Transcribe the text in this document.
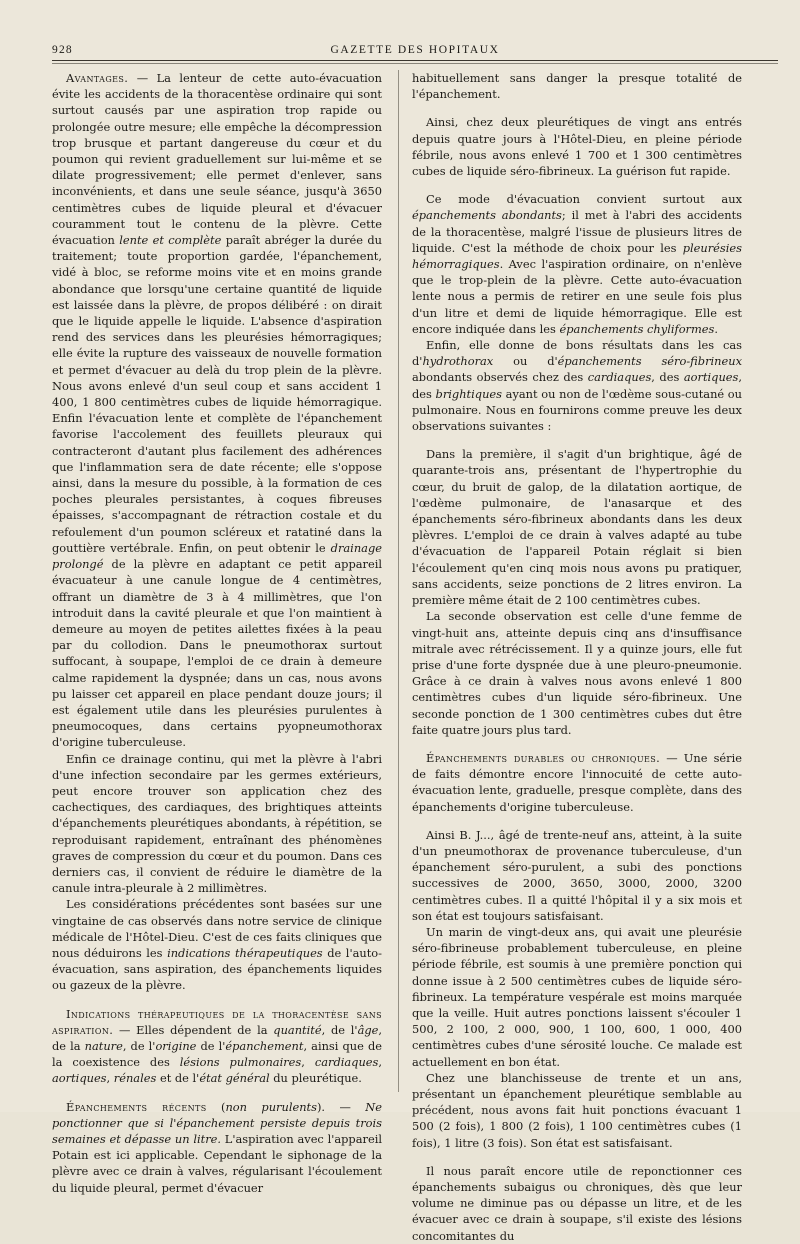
928	GAZETTE DES HOPITAUX

Avantages. — La lenteur de cette auto-évacuation évite les accidents de la thoracentèse ordinaire qui sont surtout causés par une aspiration trop rapide ou prolongée outre mesure; elle empêche la décompression trop brusque et partant dangereuse du cœur et du poumon qui revient graduellement sur lui-même et se dilate progressivement; elle permet d'enlever, sans inconvénients, et dans une seule séance, jusqu'à 3650 centimètres cubes de liquide pleural et d'évacuer couramment tout le contenu de la plèvre. Cette évacuation lente et complète paraît abréger la durée du traitement; toute proportion gardée, l'épanchement, vidé à bloc, se reforme moins vite et en moins grande abondance que lorsqu'une certaine quantité de liquide est laissée dans la plèvre, de propos délibéré : on dirait que le liquide appelle le liquide. L'absence d'aspiration rend des services dans les pleurésies hémorragiques; elle évite la rupture des vaisseaux de nouvelle formation et permet d'évacuer au delà du trop plein de la plèvre. Nous avons enlevé d'un seul coup et sans accident 1 400, 1 800 centimètres cubes de liquide hémorragique. Enfin l'évacuation lente et complète de l'épanchement favorise l'accolement des feuillets pleuraux qui contracteront d'autant plus facilement des adhérences que l'inflammation sera de date récente; elle s'oppose ainsi, dans la mesure du possible, à la formation de ces poches pleurales persistantes, à coques fibreuses épaisses, s'accompagnant de rétraction costale et du refoulement d'un poumon scléreux et ratatiné dans la gouttière vertébrale. Enfin, on peut obtenir le drainage prolongé de la plèvre en adaptant ce petit appareil évacuateur à une canule longue de 4 centimètres, offrant un diamètre de 3 à 4 millimètres, que l'on introduit dans la cavité pleurale et que l'on maintient à demeure au moyen de petites ailettes fixées à la peau par du collodion. Dans le pneumothorax surtout suffocant, à soupape, l'emploi de ce drain à demeure calme rapidement la dyspnée; dans un cas, nous avons pu laisser cet appareil en place pendant douze jours; il est également utile dans les pleurésies purulentes à pneumocoques, dans certains pyopneumothorax d'origine tuberculeuse.

Enfin ce drainage continu, qui met la plèvre à l'abri d'une infection secondaire par les germes extérieurs, peut encore trouver son application chez des cachectiques, des cardiaques, des brightiques atteints d'épanchements pleurétiques abondants, à répétition, se reproduisant rapidement, entraînant des phénomènes graves de compression du cœur et du poumon. Dans ces derniers cas, il convient de réduire le diamètre de la canule intra-pleurale à 2 millimètres.

Les considérations précédentes sont basées sur une vingtaine de cas observés dans notre service de clinique médicale de l'Hôtel-Dieu. C'est de ces faits cliniques que nous déduirons les indications thérapeutiques de l'auto-évacuation, sans aspiration, des épanchements liquides ou gazeux de la plèvre.

Indications thérapeutiques de la thoracentèse sans aspiration. — Elles dépendent de la quantité, de l'âge, de la nature, de l'origine de l'épanchement, ainsi que de la coexistence des lésions pulmonaires, cardiaques, aortiques, rénales et de l'état général du pleurétique.

Épanchements récents (non purulents). — Ne ponctionner que si l'épanchement persiste depuis trois semaines et dépasse un litre. L'aspiration avec l'appareil Potain est ici applicable. Cependant le siphonage de la plèvre avec ce drain à valves, régularisant l'écoulement du liquide pleural, permet d'évacuer

habituellement sans danger la presque totalité de l'épanchement.

Ainsi, chez deux pleurétiques de vingt ans entrés depuis quatre jours à l'Hôtel-Dieu, en pleine période fébrile, nous avons enlevé 1 700 et 1 300 centimètres cubes de liquide séro-fibrineux. La guérison fut rapide.

Ce mode d'évacuation convient surtout aux épanchements abondants; il met à l'abri des accidents de la thoracentèse, malgré l'issue de plusieurs litres de liquide. C'est la méthode de choix pour les pleurésies hémorragiques. Avec l'aspiration ordinaire, on n'enlève que le trop-plein de la plèvre. Cette auto-évacuation lente nous a permis de retirer en une seule fois plus d'un litre et demi de liquide hémorragique. Elle est encore indiquée dans les épanchements chyliformes.

Enfin, elle donne de bons résultats dans les cas d'hydrothorax ou d'épanchements séro-fibrineux abondants observés chez des cardiaques, des aortiques, des brightiques ayant ou non de l'œdème sous-cutané ou pulmonaire. Nous en fournirons comme preuve les deux observations suivantes :

Dans la première, il s'agit d'un brightique, âgé de quarante-trois ans, présentant de l'hypertrophie du cœur, du bruit de galop, de la dilatation aortique, de l'œdème pulmonaire, de l'anasarque et des épanchements séro-fibrineux abondants dans les deux plèvres. L'emploi de ce drain à valves adapté au tube d'évacuation de l'appareil Potain réglait si bien l'écoulement qu'en cinq mois nous avons pu pratiquer, sans accidents, seize ponctions de 2 litres environ. La première même était de 2 100 centimètres cubes.

La seconde observation est celle d'une femme de vingt-huit ans, atteinte depuis cinq ans d'insuffisance mitrale avec rétrécissement. Il y a quinze jours, elle fut prise d'une forte dyspnée due à une pleuro-pneumonie. Grâce à ce drain à valves nous avons enlevé 1 800 centimètres cubes d'un liquide séro-fibrineux. Une seconde ponction de 1 300 centimètres cubes dut être faite quatre jours plus tard.

Épanchements durables ou chroniques. — Une série de faits démontre encore l'innocuité de cette auto-évacuation lente, graduelle, presque complète, dans des épanchements d'origine tuberculeuse.

Ainsi B. J..., âgé de trente-neuf ans, atteint, à la suite d'un pneumothorax de provenance tuberculeuse, d'un épanchement séro-purulent, a subi des ponctions successives de 2000, 3650, 3000, 2000, 3200 centimètres cubes. Il a quitté l'hôpital il y a six mois et son état est toujours satisfaisant.

Un marin de vingt-deux ans, qui avait une pleurésie séro-fibrineuse probablement tuberculeuse, en pleine période fébrile, est soumis à une première ponction qui donne issue à 2 500 centimètres cubes de liquide séro-fibrineux. La température vespérale est moins marquée que la veille. Huit autres ponctions laissent s'écouler 1 500, 2 100, 2 000, 900, 1 100, 600, 1 000, 400 centimètres cubes d'une sérosité louche. Ce malade est actuellement en bon état.

Chez une blanchisseuse de trente et un ans, présentant un épanchement pleurétique semblable au précédent, nous avons fait huit ponctions évacuant 1 500 (2 fois), 1 800 (2 fois), 1 100 centimètres cubes (1 fois), 1 litre (3 fois). Son état est satisfaisant.

Il nous paraît encore utile de reponctionner ces épanchements subaigus ou chroniques, dès que leur volume ne diminue pas ou dépasse un litre, et de les évacuer avec ce drain à soupape, s'il existe des lésions concomitantes du
